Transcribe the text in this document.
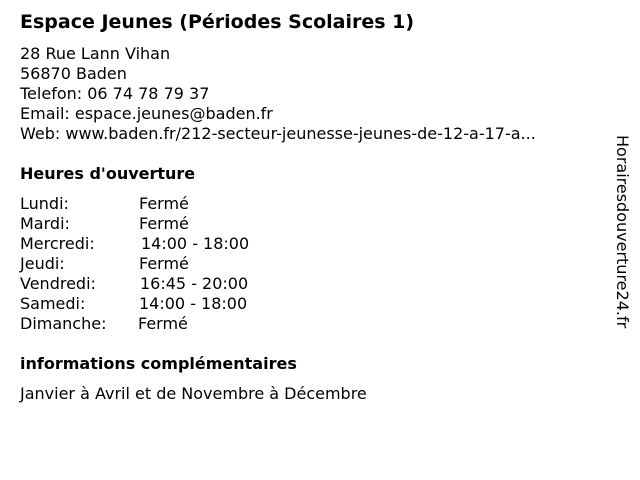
Espace Jeunes (Périodes Scolaires 1)
28 Rue Lann Vihan
56870 Baden
Telefon: 06 74 78 79 37
Email: espace.jeunes@baden.fr
Web: www.baden.fr/212-secteur-jeunesse-jeunes-de-12-a-17-a...
Heures d'ouverture
Lundi:	Fermé
Mardi:	Fermé
Mercredi:	14:00 - 18:00
Jeudi:	Fermé
Vendredi:	16:45 - 20:00
Samedi:	14:00 - 18:00
Dimanche: Fermé
informations complémentaires
Janvier à Avril et de Novembre à Décembre
Horairesdouverture24.fr
